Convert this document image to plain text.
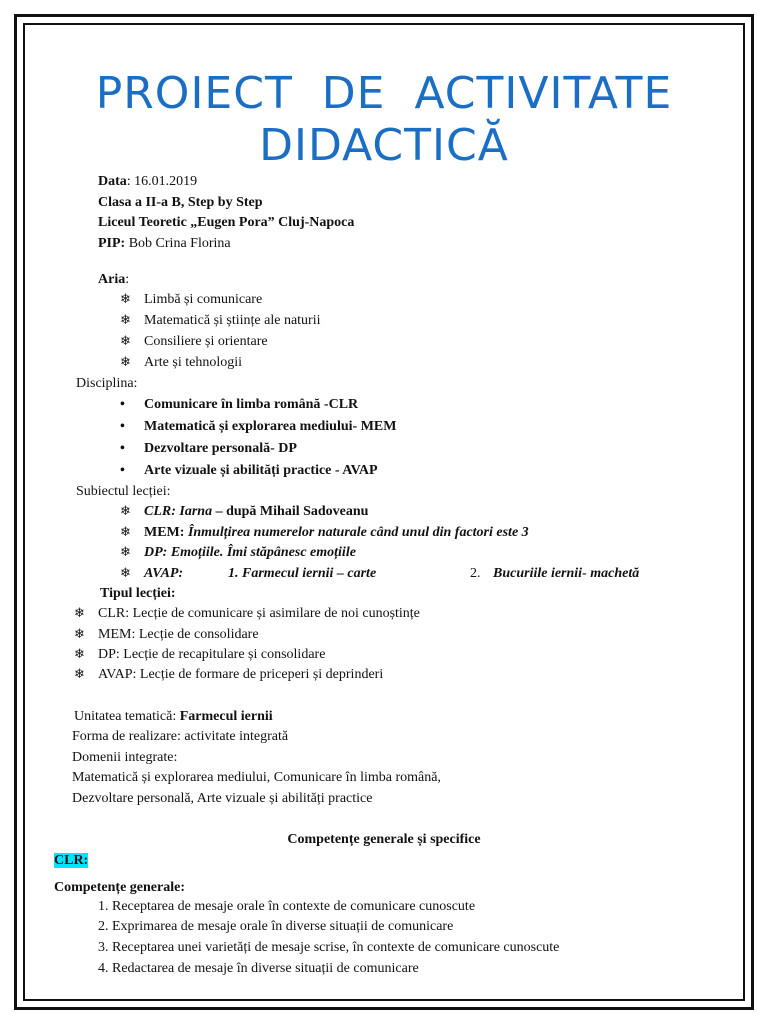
PROIECT DE ACTIVITATE
DIDACTICĂ
Data: 16.01.2019
Clasa a II-a B, Step by Step
Liceul Teoretic „Eugen Pora” Cluj-Napoca
PIP: Bob Crina Florina
Aria:
❄ Limbă și comunicare
❄ Matematică și științe ale naturii
❄ Consiliere și orientare
❄ Arte și tehnologii
Disciplina:
• Comunicare în limba română -CLR
• Matematică și explorarea mediului- MEM
• Dezvoltare personală- DP
• Arte vizuale și abilități practice - AVAP
Subiectul lecției:
❄ CLR: Iarna – după Mihail Sadoveanu
❄ MEM: Înmulțirea numerelor naturale când unul din factori este 3
❄ DP: Emoțiile. Îmi stăpânesc emoțiile
❄ AVAP:	1. Farmecul iernii – carte	2. Bucuriile iernii- machetă
Tipul lecției:
❄ CLR: Lecție de comunicare și asimilare de noi cunoștințe
❄ MEM: Lecție de consolidare
❄ DP: Lecție de recapitulare și consolidare
❄ AVAP: Lecție de formare de priceperi și deprinderi
Unitatea tematică: Farmecul iernii
Forma de realizare: activitate integrată
Domenii integrate:
Matematică și explorarea mediului, Comunicare în limba română,
Dezvoltare personală, Arte vizuale și abilități practice
Competențe generale și specifice
CLR:
Competențe generale:
1. Receptarea de mesaje orale în contexte de comunicare cunoscute
2. Exprimarea de mesaje orale în diverse situații de comunicare
3. Receptarea unei varietăți de mesaje scrise, în contexte de comunicare cunoscute
4. Redactarea de mesaje în diverse situații de comunicare
